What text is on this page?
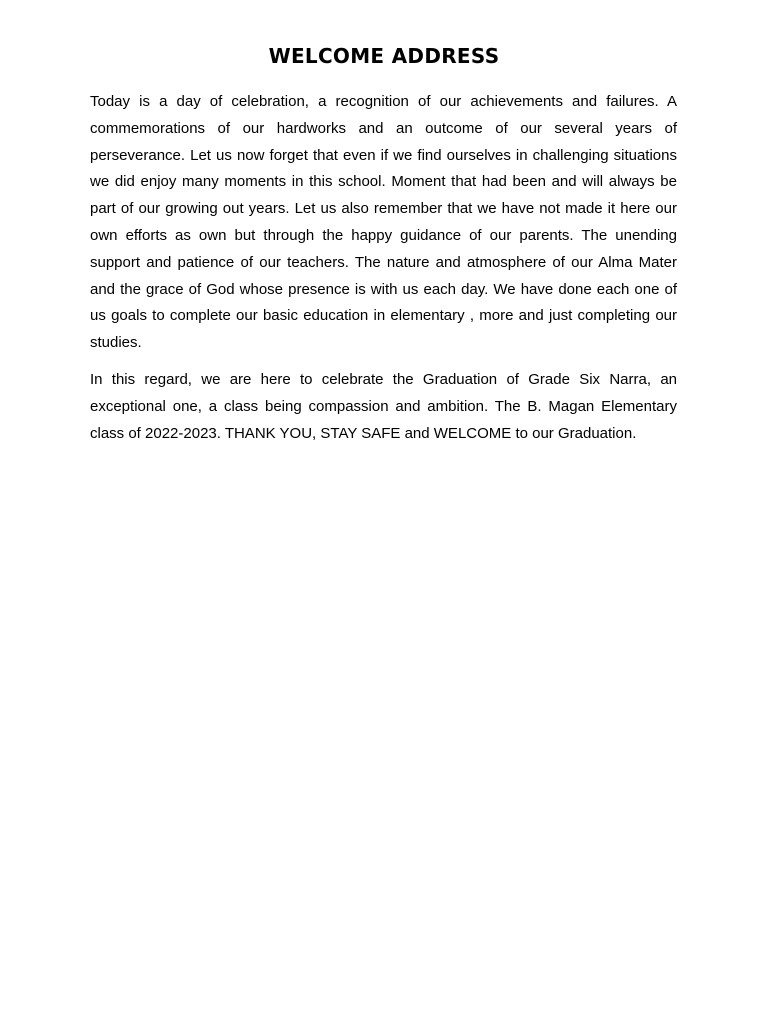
WELCOME ADDRESS

Today is a day of celebration, a recognition of our achievements and failures. A commemorations of our hardworks and an outcome of our several years of perseverance. Let us now forget that even if we find ourselves in challenging situations we did enjoy many moments in this school. Moment that had been and will always be part of our growing out years. Let us also remember that we have not made it here our own efforts as own but through the happy guidance of our parents. The unending support and patience of our teachers. The nature and atmosphere of our Alma Mater and the grace of God whose presence is with us each day. We have done each one of us goals to complete our basic education in elementary , more and just completing our studies.

In this regard, we are here to celebrate the Graduation of Grade Six Narra, an exceptional one, a class being compassion and ambition. The B. Magan Elementary class of 2022-2023. THANK YOU, STAY SAFE and WELCOME to our Graduation.
